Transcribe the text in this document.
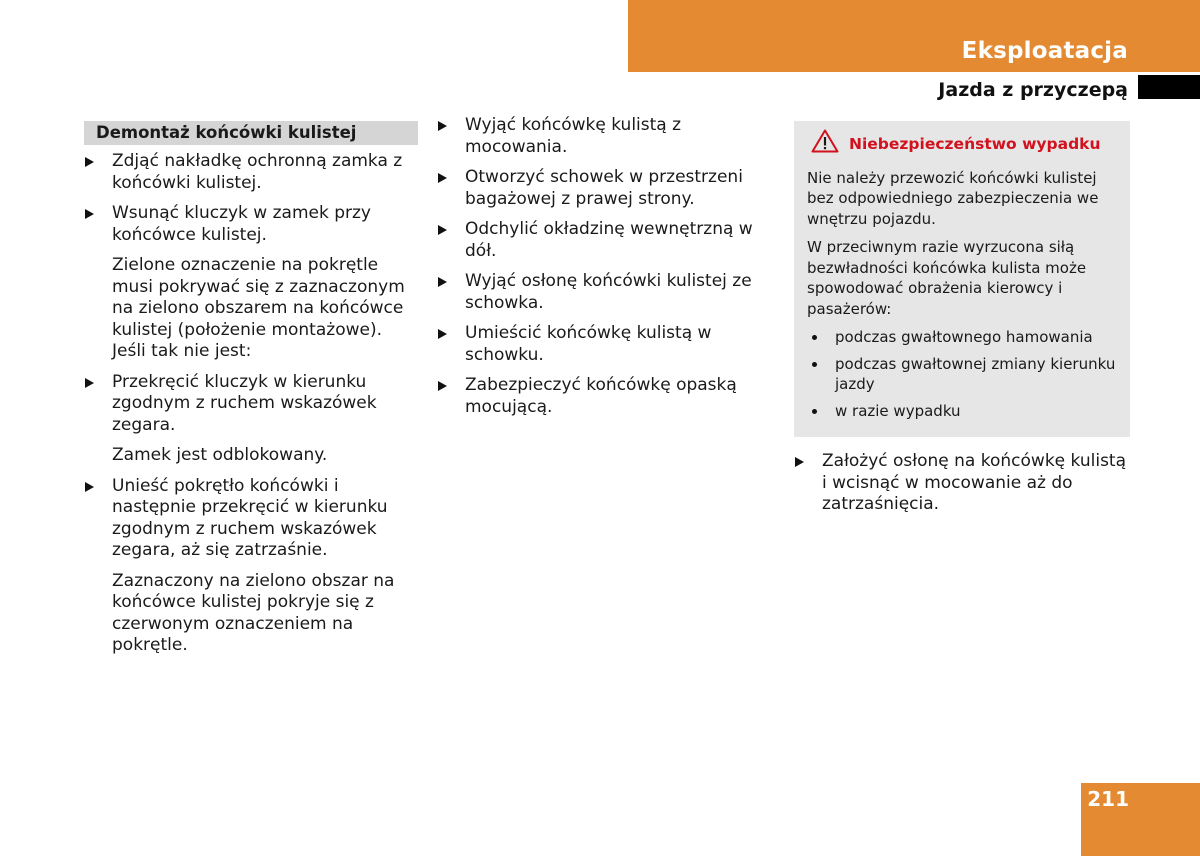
Eksploatacja
Jazda z przyczepą
Demontaż końcówki kulistej
Zdjąć nakładkę ochronną zamka z końcówki kulistej.
Wsunąć kluczyk w zamek przy końcówce kulistej.
Zielone oznaczenie na pokrętle musi pokrywać się z zaznaczonym na zielono obszarem na końcówce kulistej (położenie montażowe). Jeśli tak nie jest:
Przekręcić kluczyk w kierunku zgodnym z ruchem wskazówek zegara.
Zamek jest odblokowany.
Unieść pokrętło końcówki i następnie przekręcić w kierunku zgodnym z ruchem wskazówek zegara, aż się zatrzaśnie.
Zaznaczony na zielono obszar na końcówce kulistej pokryje się z czerwonym oznaczeniem na pokrętle.
Wyjąć końcówkę kulistą z mocowania.
Otworzyć schowek w przestrzeni bagażowej z prawej strony.
Odchylić okładzinę wewnętrzną w dół.
Wyjąć osłonę końcówki kulistej ze schowka.
Umieścić końcówkę kulistą w schowku.
Zabezpieczyć końcówkę opaską mocującą.
Niebezpieczeństwo wypadku
Nie należy przewozić końcówki kulistej bez odpowiedniego zabezpieczenia we wnętrzu pojazdu.
W przeciwnym razie wyrzucona siłą bezwładności końcówka kulista może spowodować obrażenia kierowcy i pasażerów:
podczas gwałtownego hamowania
podczas gwałtownej zmiany kierunku jazdy
w razie wypadku
Założyć osłonę na końcówkę kulistą i wcisnąć w mocowanie aż do zatrzaśnięcia.
211
